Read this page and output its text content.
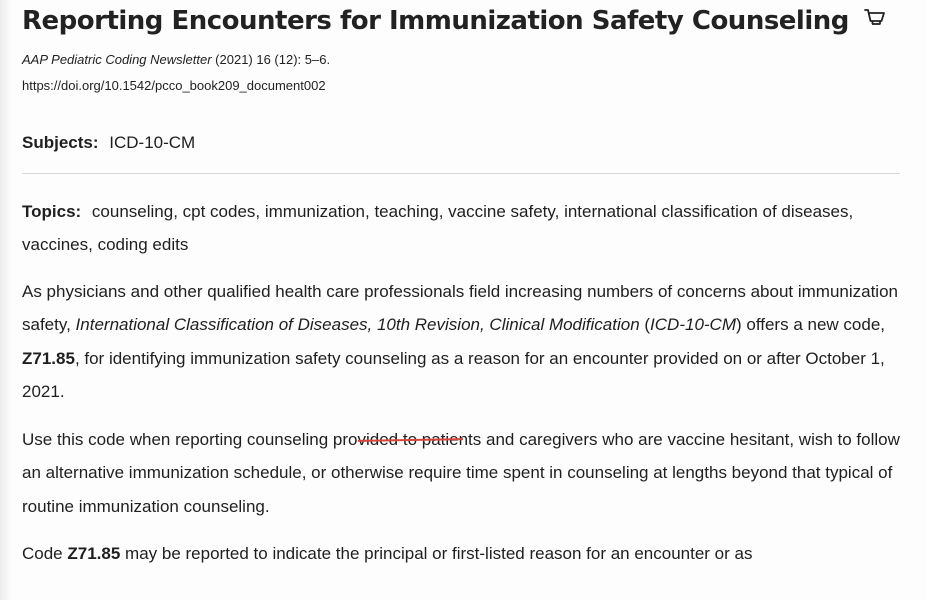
Reporting Encounters for Immunization Safety Counseling
AAP Pediatric Coding Newsletter (2021) 16 (12): 5–6.
https://doi.org/10.1542/pcco_book209_document002
Subjects: ICD-10-CM
Topics: counseling, cpt codes, immunization, teaching, vaccine safety, international classification of diseases, vaccines, coding edits

As physicians and other qualified health care professionals field increasing numbers of concerns about immunization safety, International Classification of Diseases, 10th Revision, Clinical Modification (ICD-10-CM) offers a new code, Z71.85, for identifying immunization safety counseling as a reason for an encounter provided on or after October 1, 2021.

Use this code when reporting counseling provided to patients
and caregivers who are vaccine hesitant, wish to follow an alternative immunization schedule, or otherwise require time spent in counseling at lengths beyond that typical of routine immunization counseling.

Code Z71.85 may be reported to indicate the principal or first-listed reason for an encounter or as
